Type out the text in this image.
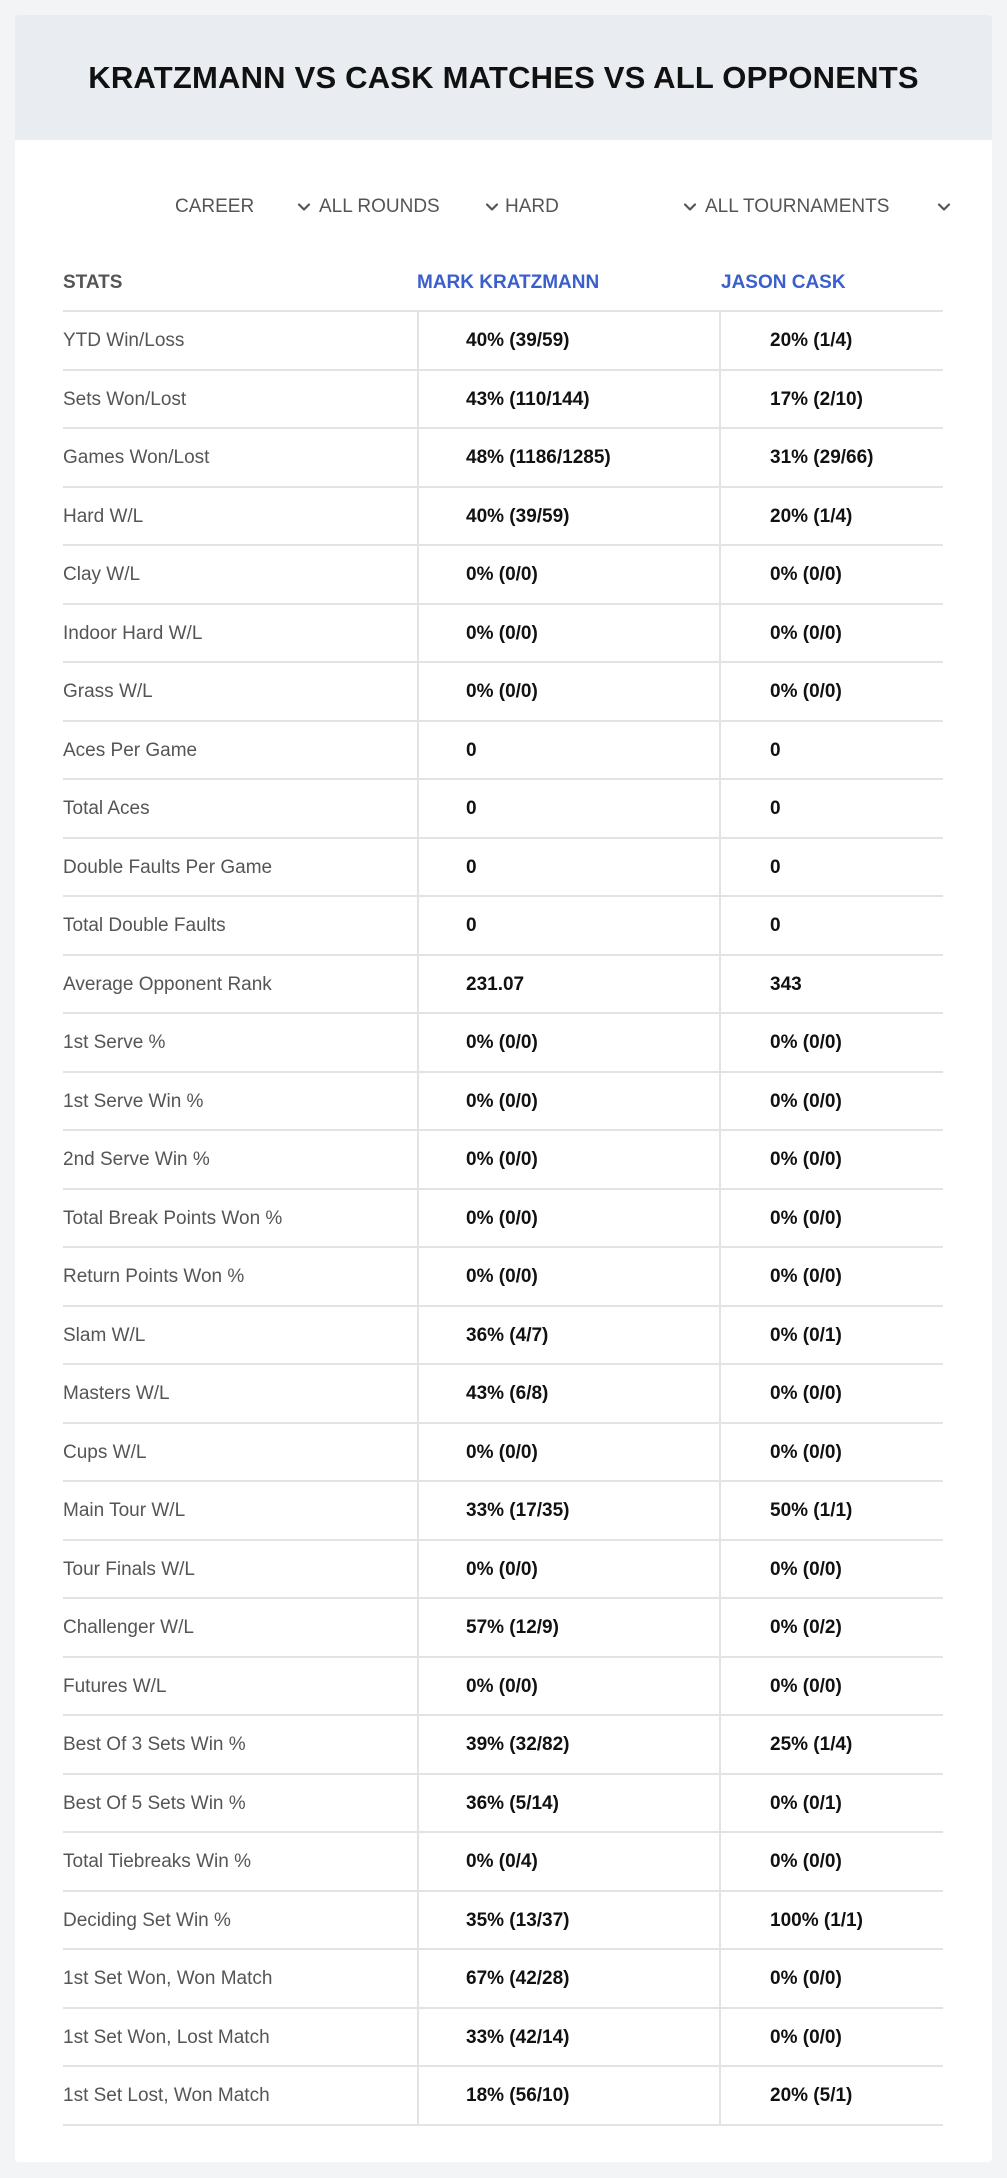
KRATZMANN VS CASK MATCHES VS ALL OPPONENTS
CAREER	ALL ROUNDS	HARD	ALL TOURNAMENTS
STATS	MARK KRATZMANN	JASON CASK
YTD Win/Loss	40% (39/59)	20% (1/4)
Sets Won/Lost	43% (110/144)	17% (2/10)
Games Won/Lost	48% (1186/1285)	31% (29/66)
Hard W/L	40% (39/59)	20% (1/4)
Clay W/L	0% (0/0)	0% (0/0)
Indoor Hard W/L	0% (0/0)	0% (0/0)
Grass W/L	0% (0/0)	0% (0/0)
Aces Per Game	0	0
Total Aces	0	0
Double Faults Per Game	0	0
Total Double Faults	0	0
Average Opponent Rank	231.07	343
1st Serve %	0% (0/0)	0% (0/0)
1st Serve Win %	0% (0/0)	0% (0/0)
2nd Serve Win %	0% (0/0)	0% (0/0)
Total Break Points Won %	0% (0/0)	0% (0/0)
Return Points Won %	0% (0/0)	0% (0/0)
Slam W/L	36% (4/7)	0% (0/1)
Masters W/L	43% (6/8)	0% (0/0)
Cups W/L	0% (0/0)	0% (0/0)
Main Tour W/L	33% (17/35)	50% (1/1)
Tour Finals W/L	0% (0/0)	0% (0/0)
Challenger W/L	57% (12/9)	0% (0/2)
Futures W/L	0% (0/0)	0% (0/0)
Best Of 3 Sets Win %	39% (32/82)	25% (1/4)
Best Of 5 Sets Win %	36% (5/14)	0% (0/1)
Total Tiebreaks Win %	0% (0/4)	0% (0/0)
Deciding Set Win %	35% (13/37)	100% (1/1)
1st Set Won, Won Match	67% (42/28)	0% (0/0)
1st Set Won, Lost Match	33% (42/14)	0% (0/0)
1st Set Lost, Won Match	18% (56/10)	20% (5/1)
